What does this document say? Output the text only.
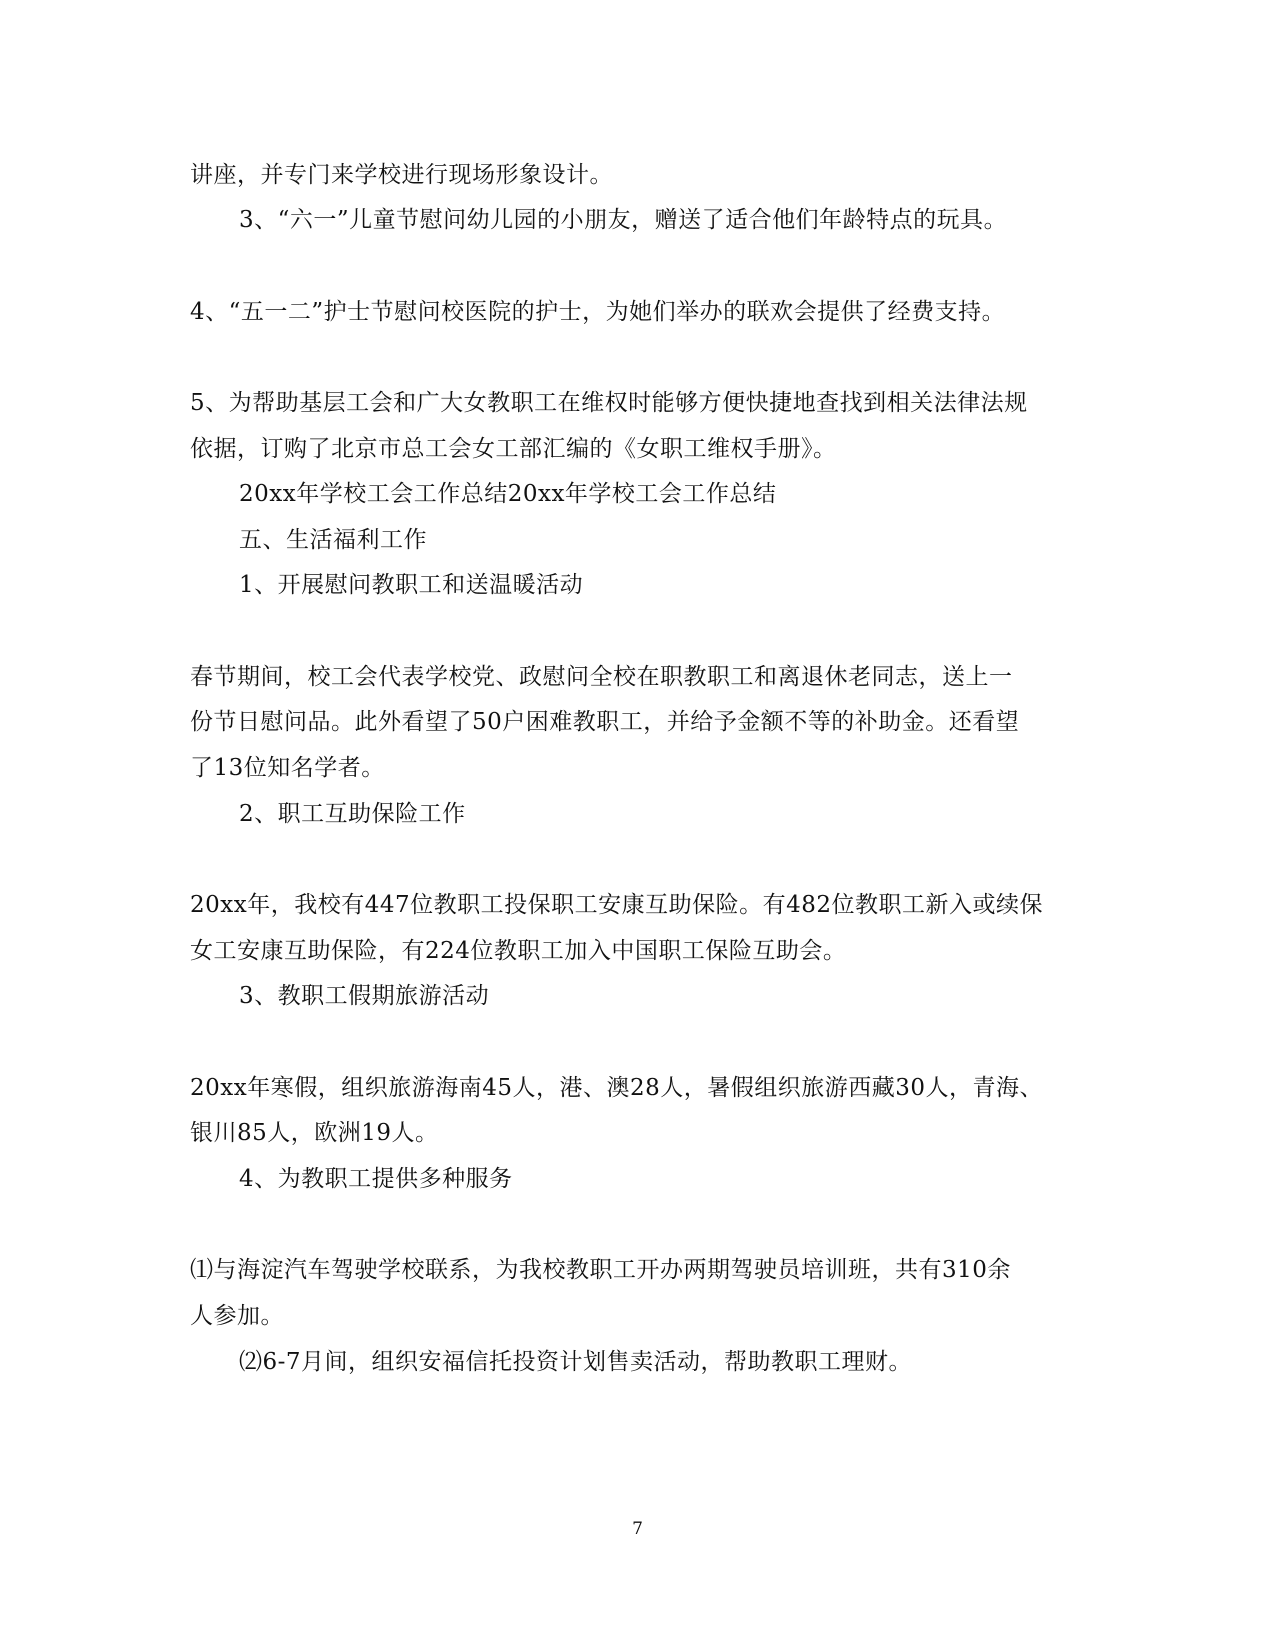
讲座，并专门来学校进行现场形象设计。
3、“六一”儿童节慰问幼儿园的小朋友，赠送了适合他们年龄特点的玩具。
4、“五一二”护士节慰问校医院的护士，为她们举办的联欢会提供了经费支持。
5、为帮助基层工会和广大女教职工在维权时能够方便快捷地查找到相关法律法规
依据，订购了北京市总工会女工部汇编的《女职工维权手册》。
20xx年学校工会工作总结20xx年学校工会工作总结
五、生活福利工作
1、开展慰问教职工和送温暖活动
春节期间，校工会代表学校党、政慰问全校在职教职工和离退休老同志，送上一
份节日慰问品。此外看望了50户困难教职工，并给予金额不等的补助金。还看望
了13位知名学者。
2、职工互助保险工作
20xx年，我校有447位教职工投保职工安康互助保险。有482位教职工新入或续保
女工安康互助保险，有224位教职工加入中国职工保险互助会。
3、教职工假期旅游活动
20xx年寒假，组织旅游海南45人，港、澳28人，暑假组织旅游西藏30人，青海、
银川85人，欧洲19人。
4、为教职工提供多种服务
⑴与海淀汽车驾驶学校联系，为我校教职工开办两期驾驶员培训班，共有310余
人参加。
⑵6-7月间，组织安福信托投资计划售卖活动，帮助教职工理财。
7
